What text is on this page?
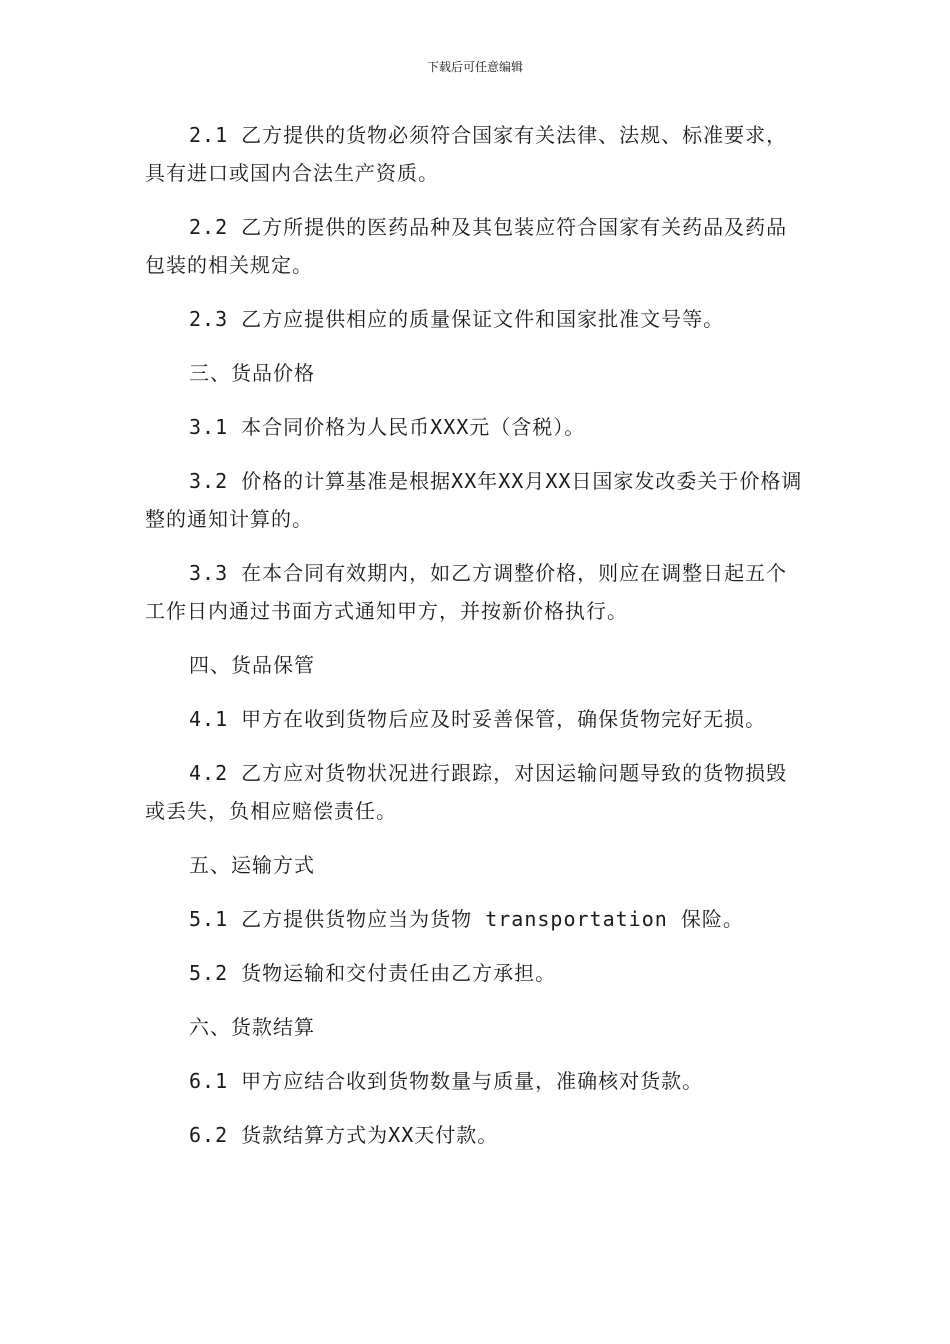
下载后可任意编辑

2.1 乙方提供的货物必须符合国家有关法律、法规、标准要求，具有进口或国内合法生产资质。

2.2 乙方所提供的医药品种及其包装应符合国家有关药品及药品包装的相关规定。

2.3 乙方应提供相应的质量保证文件和国家批准文号等。

三、货品价格

3.1 本合同价格为人民币XXX元（含税）。

3.2 价格的计算基准是根据XX年XX月XX日国家发改委关于价格调整的通知计算的。

3.3 在本合同有效期内，如乙方调整价格，则应在调整日起五个工作日内通过书面方式通知甲方，并按新价格执行。

四、货品保管

4.1 甲方在收到货物后应及时妥善保管，确保货物完好无损。

4.2 乙方应对货物状况进行跟踪，对因运输问题导致的货物损毁或丢失，负相应赔偿责任。

五、运输方式

5.1 乙方提供货物应当为货物 transportation 保险。

5.2 货物运输和交付责任由乙方承担。

六、货款结算

6.1 甲方应结合收到货物数量与质量，准确核对货款。

6.2 货款结算方式为XX天付款。
